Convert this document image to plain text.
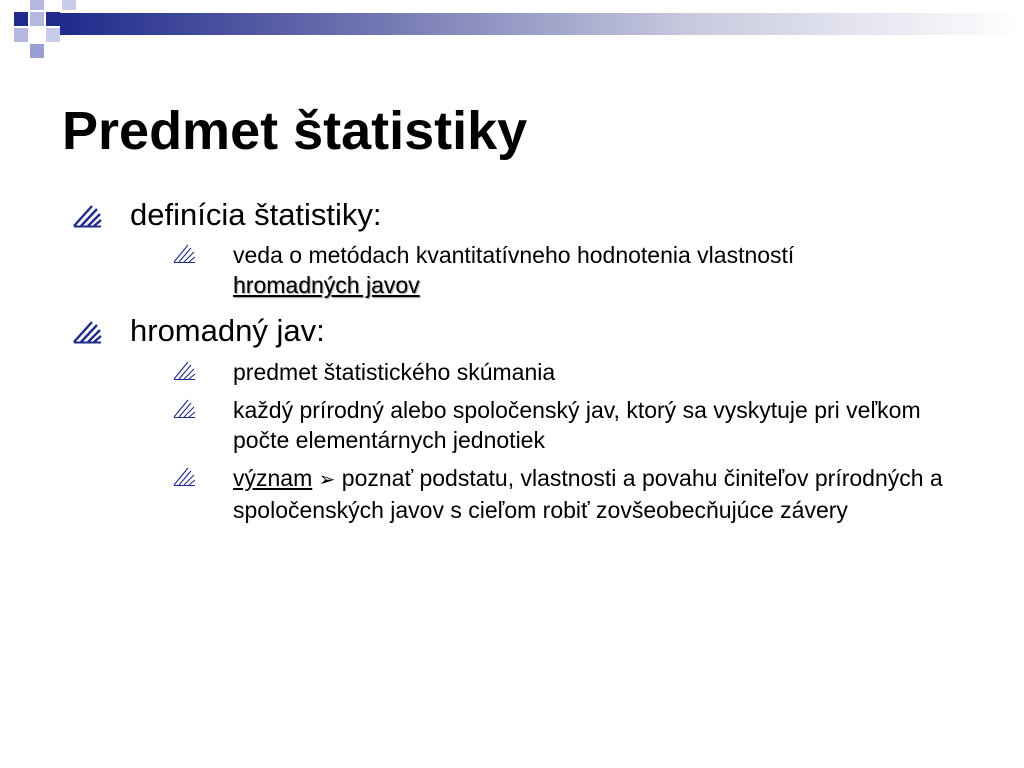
Predmet štatistiky
definícia štatistiky:
veda o metódach kvantitatívneho hodnotenia vlastností
hromadných javov
hromadný jav:
predmet štatistického skúmania
každý prírodný alebo spoločenský jav, ktorý sa vyskytuje pri veľkom počte elementárnych jednotiek
význam ➢ poznať podstatu, vlastnosti a povahu činiteľov prírodných a spoločenských javov s cieľom robiť zovšeobecňujúce závery
